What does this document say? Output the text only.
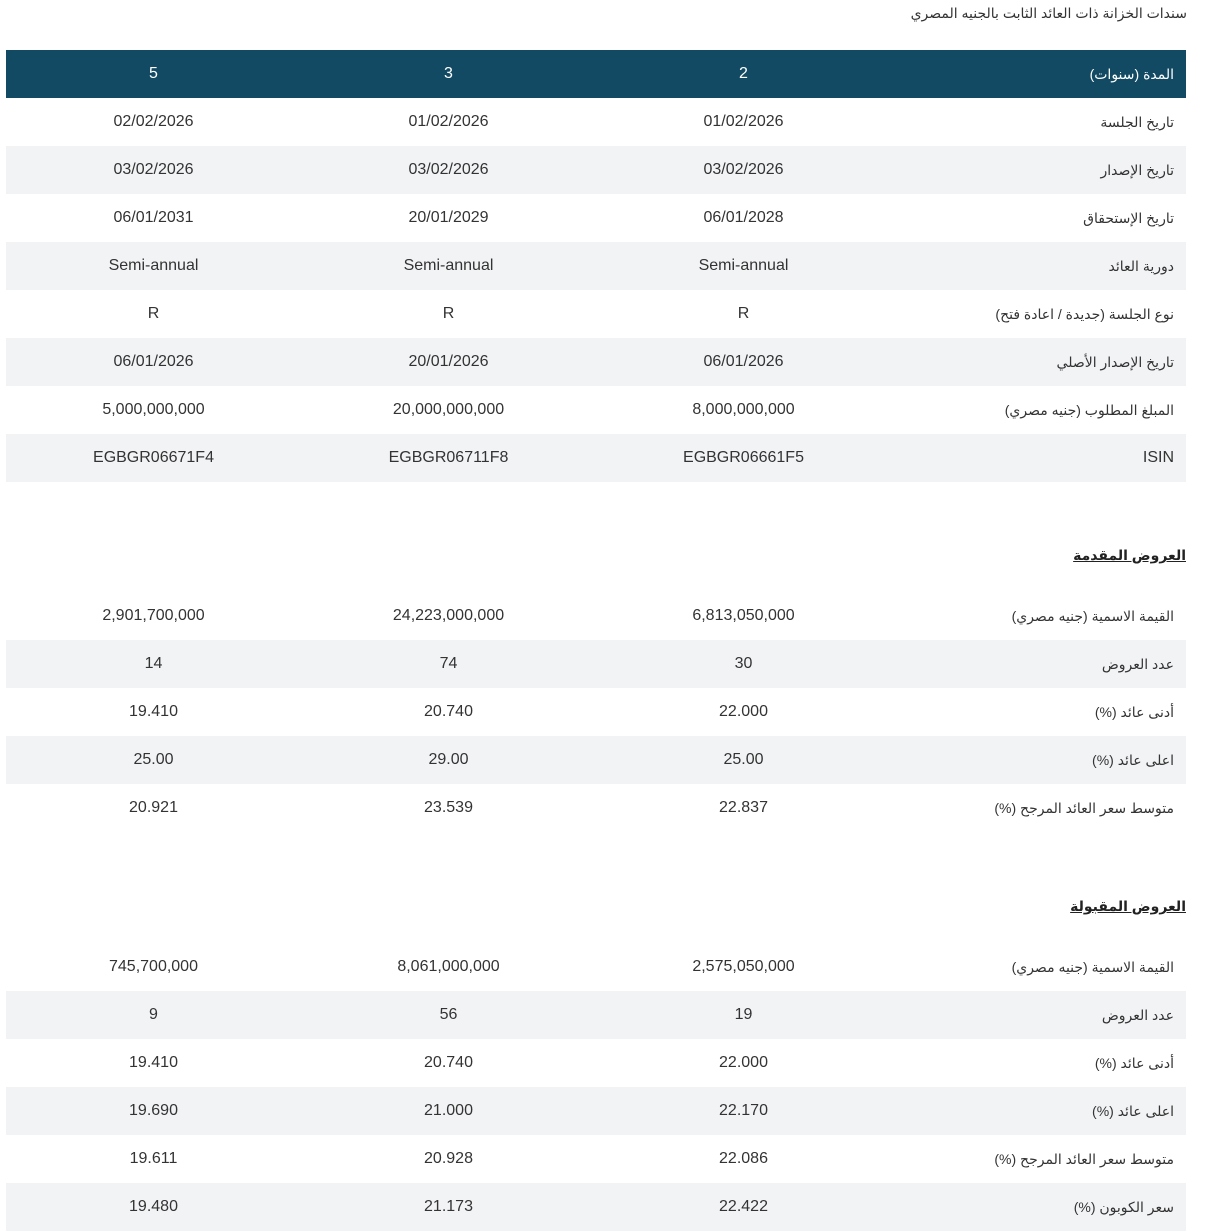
سندات الخزانة ذات العائد الثابت بالجنيه المصري
5	3	2	المدة (سنوات)
02/02/2026	01/02/2026	01/02/2026	تاريخ الجلسة
03/02/2026	03/02/2026	03/02/2026	تاريخ الإصدار
06/01/2031	20/01/2029	06/01/2028	تاريخ الإستحقاق
Semi-annual	Semi-annual	Semi-annual	دورية العائد
R	R	R	نوع الجلسة (جديدة / اعادة فتح)
06/01/2026	20/01/2026	06/01/2026	تاريخ الإصدار الأصلي
5,000,000,000	20,000,000,000	8,000,000,000	المبلغ المطلوب (جنيه مصري)
EGBGR06671F4	EGBGR06711F8	EGBGR06661F5	ISIN
العروض المقدمة
2,901,700,000	24,223,000,000	6,813,050,000	القيمة الاسمية (جنيه مصري)
14	74	30	عدد العروض
19.410	20.740	22.000	أدنى عائد (%)
25.00	29.00	25.00	اعلى عائد (%)
20.921	23.539	22.837	متوسط سعر العائد المرجح (%)
العروض المقبولة
745,700,000	8,061,000,000	2,575,050,000	القيمة الاسمية (جنيه مصري)
9	56	19	عدد العروض
19.410	20.740	22.000	أدنى عائد (%)
19.690	21.000	22.170	اعلى عائد (%)
19.611	20.928	22.086	متوسط سعر العائد المرجح (%)
19.480	21.173	22.422	سعر الكوبون (%)
